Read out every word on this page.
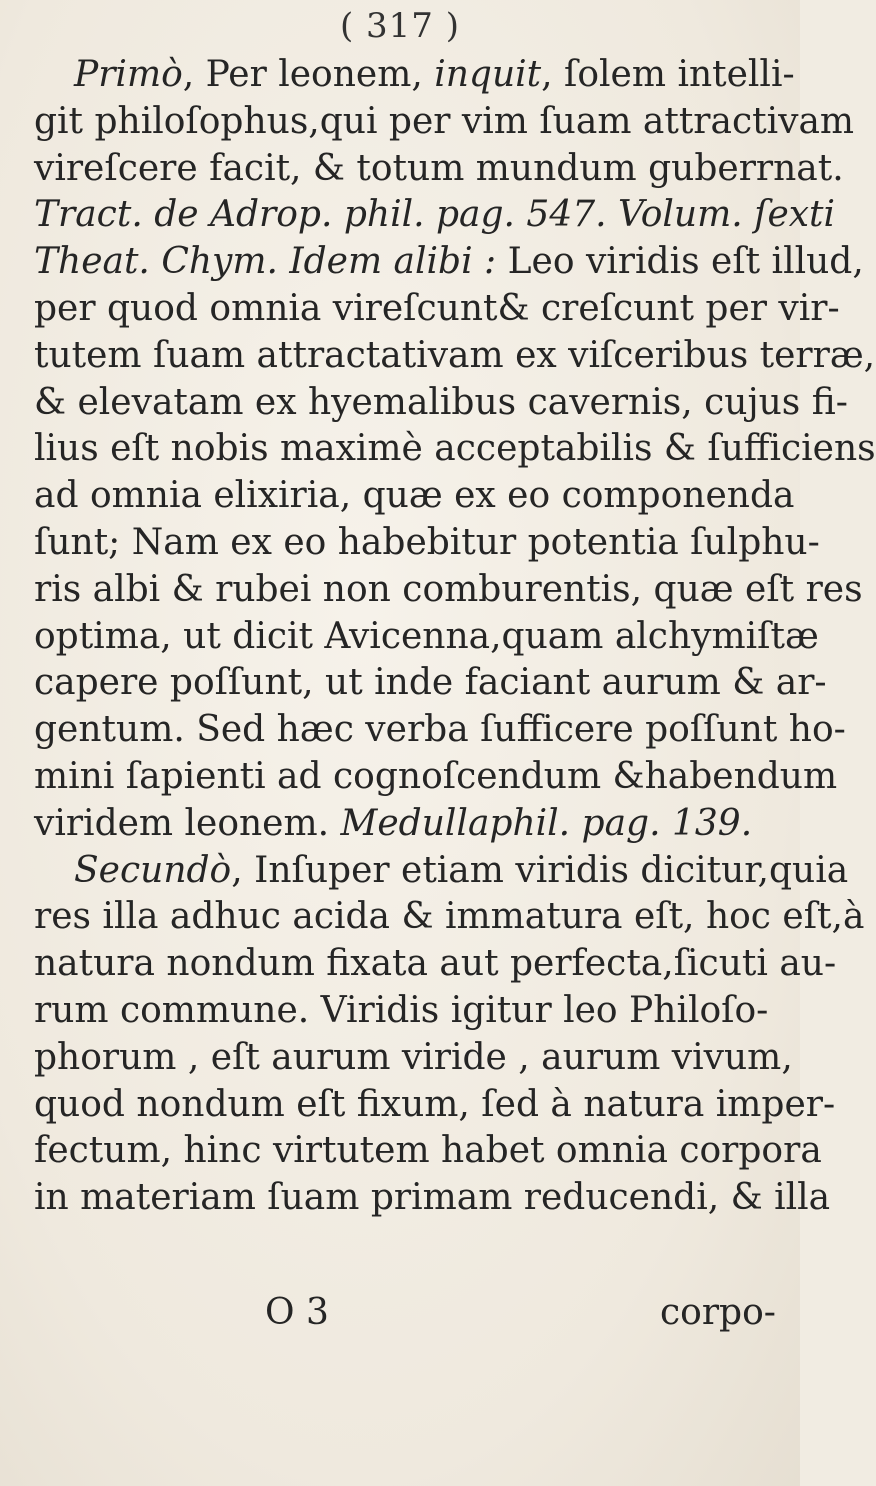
( 317 )
Primò, Per leonem, inquit, ſolem intelli-
git philoſophus,qui per vim ſuam attractivam
vireſcere facit, & totum mundum guberrnat.
Tract. de Adrop. phil. pag. 547. Volum. ſexti
Theat. Chym. Idem alibi : Leo viridis eſt illud,
per quod omnia vireſcunt& creſcunt per vir-
tutem ſuam attractativam ex viſceribus terræ,
& elevatam ex hyemalibus cavernis, cujus fi-
lius eſt nobis maximè acceptabilis & ſufficiens
ad omnia elixiria, quæ ex eo componenda
ſunt; Nam ex eo habebitur potentia ſulphu-
ris albi & rubei non comburentis, quæ eſt res
optima, ut dicit Avicenna,quam alchymiſtæ
capere poſſunt, ut inde faciant aurum & ar-
gentum. Sed hæc verba ſufficere poſſunt ho-
mini ſapienti ad cognoſcendum &habendum
viridem leonem. Medullaphil. pag. 139.
Secundò, Inſuper etiam viridis dicitur,quia
res illa adhuc acida & immatura eſt, hoc eſt,à
natura nondum fixata aut perfecta,ſicuti au-
rum commune. Viridis igitur leo Philoſo-
phorum , eſt aurum viride , aurum vivum,
quod nondum eſt fixum, ſed à natura imper-
fectum, hinc virtutem habet omnia corpora
in materiam ſuam primam reducendi, & illa
O 3	corpo-
